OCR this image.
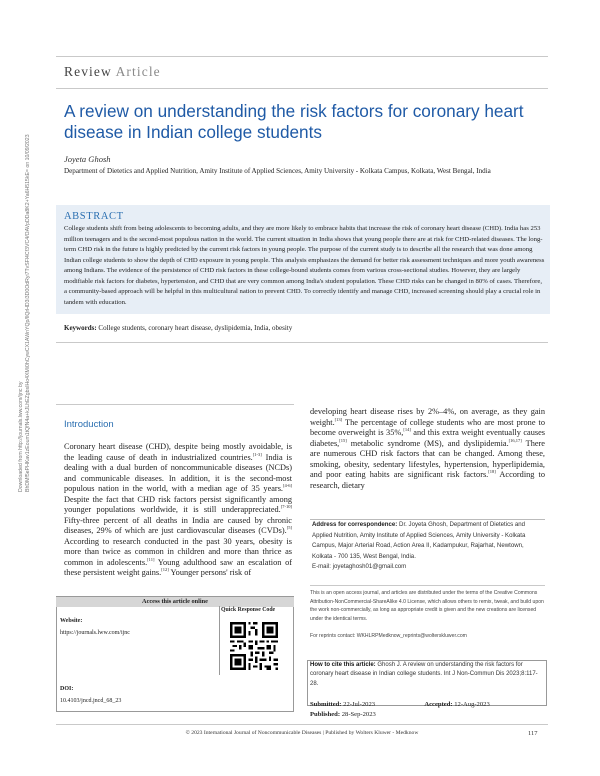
Downloaded from http://journals.lww.com/ijnc by BhDMf5ePHKav1zEoum1tQfN4a+kJLhEZgbsIHo4XMi0hCywCX1AWnYQp/IlQrHD3i3D0OdRyi7TvSFl4Cf3VC4/OAVpDDa8K2+Ya6H515kE= on 10/09/2023
Review Article
A review on understanding the risk factors for coronary heart disease in Indian college students
Joyeta Ghosh
Department of Dietetics and Applied Nutrition, Amity Institute of Applied Sciences, Amity University - Kolkata Campus, Kolkata, West Bengal, India
ABSTRACT
College students shift from being adolescents to becoming adults, and they are more likely to embrace habits that increase the risk of coronary heart disease (CHD). India has 253 million teenagers and is the second-most populous nation in the world. The current situation in India shows that young people there are at risk for CHD-related diseases. The long-term CHD risk in the future is highly predicted by the current risk factors in young people. The purpose of the current study is to describe all the research that was done among Indian college students to show the depth of CHD exposure in young people. This analysis emphasizes the demand for better risk assessment techniques and more youth awareness among Indians. The evidence of the persistence of CHD risk factors in these college-bound students comes from various cross-sectional studies. However, they are largely modifiable risk factors for diabetes, hypertension, and CHD that are very common among India's student population. These CHD risks can be changed in 80% of cases. Therefore, a community-based approach will be helpful in this multicultural nation to prevent CHD. To correctly identify and manage CHD, increased screening should play a crucial role in tandem with education.
Keywords: College students, coronary heart disease, dyslipidemia, India, obesity
Introduction
Coronary heart disease (CHD), despite being mostly avoidable, is the leading cause of death in industrialized countries.[1-3] India is dealing with a dual burden of noncommunicable diseases (NCDs) and communicable diseases. In addition, it is the second-most populous nation in the world, with a median age of 35 years.[4-6] Despite the fact that CHD risk factors persist significantly among younger populations worldwide, it is still underappreciated.[7-10] Fifty-three percent of all deaths in India are caused by chronic diseases, 29% of which are just cardiovascular diseases (CVDs).[5] According to research conducted in the past 30 years, obesity is more than twice as common in children and more than thrice as common in adolescents.[11] Young adulthood saw an escalation of these persistent weight gains.[12] Younger persons' risk of
developing heart disease rises by 2%–4%, on average, as they gain weight.[13] The percentage of college students who are most prone to become overweight is 35%,[14] and this extra weight eventually causes diabetes,[15] metabolic syndrome (MS), and dyslipidemia.[16,17] There are numerous CHD risk factors that can be changed. Among these, smoking, obesity, sedentary lifestyles, hypertension, hyperlipidemia, and poor eating habits are significant risk factors.[18] According to research, dietary
Access this article online
Quick Response Code
Website:
https://journals.lww.com/ijnc
DOI:
10.4103/jncd.jncd_68_23
Address for correspondence: Dr. Joyeta Ghosh, Department of Dietetics and Applied Nutrition, Amity Institute of Applied Sciences, Amity University - Kolkata Campus, Major Arterial Road, Action Area II, Kadampukur, Rajarhat, Newtown, Kolkata - 700 135, West Bengal, India.
E-mail: joyetaghosh01@gmail.com
This is an open access journal, and articles are distributed under the terms of the Creative Commons Attribution-NonCommercial-ShareAlike 4.0 License, which allows others to remix, tweak, and build upon the work non-commercially, as long as appropriate credit is given and the new creations are licensed under the identical terms.
For reprints contact: WKHLRPMedknow_reprints@wolterskluwer.com
How to cite this article: Ghosh J. A review on understanding the risk factors for coronary heart disease in Indian college students. Int J Non-Commun Dis 2023;8:117-28.
Submitted: 22-Jul-2023	Accepted: 12-Aug-2023
Published: 28-Sep-2023
© 2023 International Journal of Noncommunicable Diseases | Published by Wolters Kluwer - Medknow	117
